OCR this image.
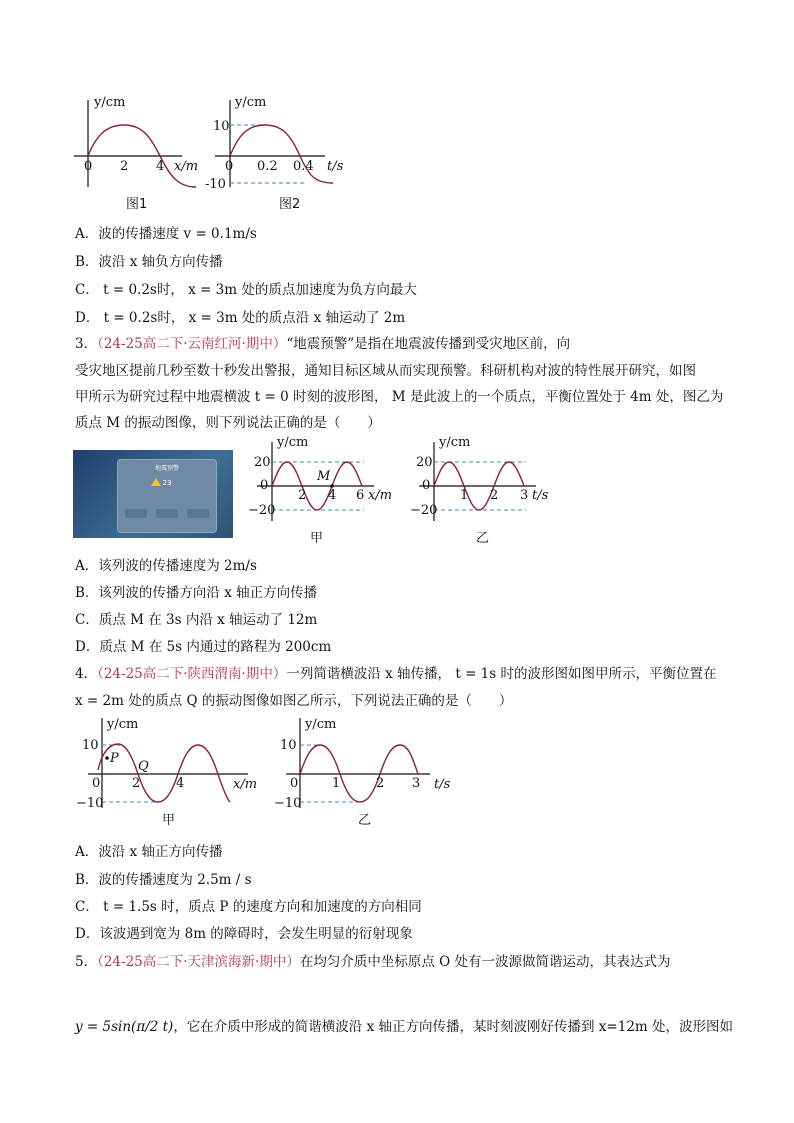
y/cm
0 2 4 x/m
图1
y/cm
10
-10
0 0.2 0.4 t/s
图2
A．波的传播速度 v = 0.1m/s
B．波沿 x 轴负方向传播
C． t = 0.2s时， x = 3m 处的质点加速度为负方向最大
D． t = 0.2s时， x = 3m 处的质点沿 x 轴运动了 2m
3．（24-25高二下·云南红河·期中）“地震预警”是指在地震波传播到受灾地区前，向
受灾地区提前几秒至数十秒发出警报，通知目标区域从而实现预警。科研机构对波的特性展开研究，如图
甲所示为研究过程中地震横波 t = 0 时刻的波形图， M 是此波上的一个质点，平衡位置处于 4m 处，图乙为
质点 M 的振动图像，则下列说法正确的是（　　）
地震预警
23
y/cm
20
−20
0
M
2 4 6 x/m
甲
y/cm
20
−20
0
1 2 3 t/s
乙
A．该列波的传播速度为 2m/s
B．该列波的传播方向沿 x 轴正方向传播
C．质点 M 在 3s 内沿 x 轴运动了 12m
D．质点 M 在 5s 内通过的路程为 200cm
4．（24-25高二下·陕西渭南·期中）一列简谐横波沿 x 轴传播， t = 1s 时的波形图如图甲所示，平衡位置在
x = 2m 处的质点 Q 的振动图像如图乙所示，下列说法正确的是（　　）
y/cm
10
−10
0
P
Q
2	4	x/m
甲
y/cm
10
−10
0	1	2 3 t/s
乙
A．波沿 x 轴正方向传播
B．波的传播速度为 2.5m / s
C． t = 1.5s 时，质点 P 的速度方向和加速度的方向相同
D．该波遇到宽为 8m 的障碍时，会发生明显的衍射现象
5．（24-25高二下·天津滨海新·期中）在均匀介质中坐标原点 O 处有一波源做简谐运动，其表达式为
y = 5sin(π/2 t)，它在介质中形成的简谐横波沿 x 轴正方向传播，某时刻波刚好传播到 x=12m 处，波形图如
